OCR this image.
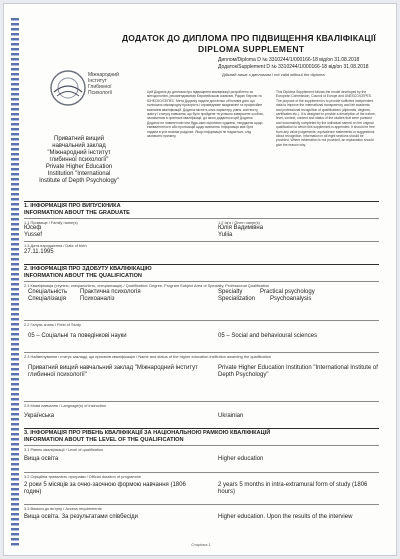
ДОДАТОК ДО ДИПЛОМА ПРО ПІДВИЩЕННЯ КВАЛІФІКАЦІЇ
DIPLOMA SUPPLEMENT
Диплом/Diploma D № 3310244/1/000166-18 від/on 31.08.2018
Додаток/Supplement D № 3310244/1/000166-18 від/on 31.08.2018
Дійсний лише з дипломом / not valid without the diploma
Міжнародний
Інститут
Глибинної
Психології
Приватний вищий
навчальний заклад
"Міжнародний інститут
глибинної психології"
Private Higher Education
Institution "International
Institute of Depth Psychology"
Цей Додаток до диплома про підвищення кваліфікації розроблено за методологією, рекомендованою Європейською комісією, Радою Європи та ЮНЕСКО/СЕПЕС. Мета Додатку надати достатньо об'єктивні дані, що поліпшать міжнародну прозорість і справедливе академічне та професійне визнання кваліфікацій. Додаток містить опис характеру, рівня, контексту, змісту і статусу навчання, що було пройдене та успішно завершене особою, зазначеною в оригіналі кваліфікації, до якого додається цей Додаток. Додаток не повинен містити будь-яких оціночних суджень, тверджень щодо еквівалентності або пропозицій щодо визнання. Інформація має бути надана в усіх восьми розділах. Якщо інформація не надається, слід зазначити причину.
This Diploma Supplement follows the model developed by the European Commission, Council of Europe and UNESCO/CEPES. The purpose of the supplement is to provide sufficient independent data to improve the international transparency and fair academic and professional recognition of qualifications (diplomas, degrees, certificates etc.). It is designed to provide a description of the nature, level, context, content and status of the studies that were pursued and successfully completed by the individual named on the original qualification to which this supplement is appended. It should be free from any value judgements, equivalence statements or suggestions about recognition. Information in all eight sections should be provided. Where information is not provided, an explanation should give the reason why.
1. ІНФОРМАЦІЯ ПРО ВИПУСКНИКА
INFORMATION ABOUT THE GRADUATE
1.1 Прізвище / Family name(s)
Юсеф
Yussef
1.2 Ім'я / Given name(s)
Юлія Вадимівна
Yuliia
1.3 Дата народження / Date of birth
27.11.1995
2. ІНФОРМАЦІЯ ПРО ЗДОБУТУ КВАЛІФІКАЦІЮ
INFORMATION ABOUT THE QUALIFICATION
2.1 Кваліфікація (ступінь, спеціальність, спеціалізація) / Qualification: Degree, Program Subject Area of Specialty, Professional Qualification
Спеціальність Практична психологія	Specialty	Practical psychology
Спеціалізація Психоаналіз	Specialization Psychoanalysis
2.2 Галузь знань / Field of Study
05 – Соціальні та поведінкові науки	05 – Social and behavioural sciences
2.3 Найменування і статус закладу, що присвоїв кваліфікацію / Name and status of the higher education institution awarding the qualification
Приватний вищий навчальний заклад "Міжнародний інститут глибинної психології"
Private Higher Education Institution "International Institute of Depth Psychology"
2.5 Мова навчання / Language(s) of instruction
Українська	Ukrainian
3. ІНФОРМАЦІЯ ПРО РІВЕНЬ КВАЛІФІКАЦІЇ ЗА НАЦІОНАЛЬНОЮ РАМКОЮ КВАЛІФІКАЦІЙ
INFORMATION ABOUT THE LEVEL OF THE QUALIFICATION
3.1 Рівень кваліфікації / Level of qualification
Вища освіта	Higher education
3.2 Офіційна тривалість програми / Official duration of programme
2 роки 5 місяців за очно-заочною формою навчання (1806 годин)
2 years 5 months in intra-extramural form of study (1806 hours)
3.3 Вимоги до вступу / Access requirements
Вища освіта. За результатами співбесіди	Higher education. Upon the results of the interview
Сторінка 1
